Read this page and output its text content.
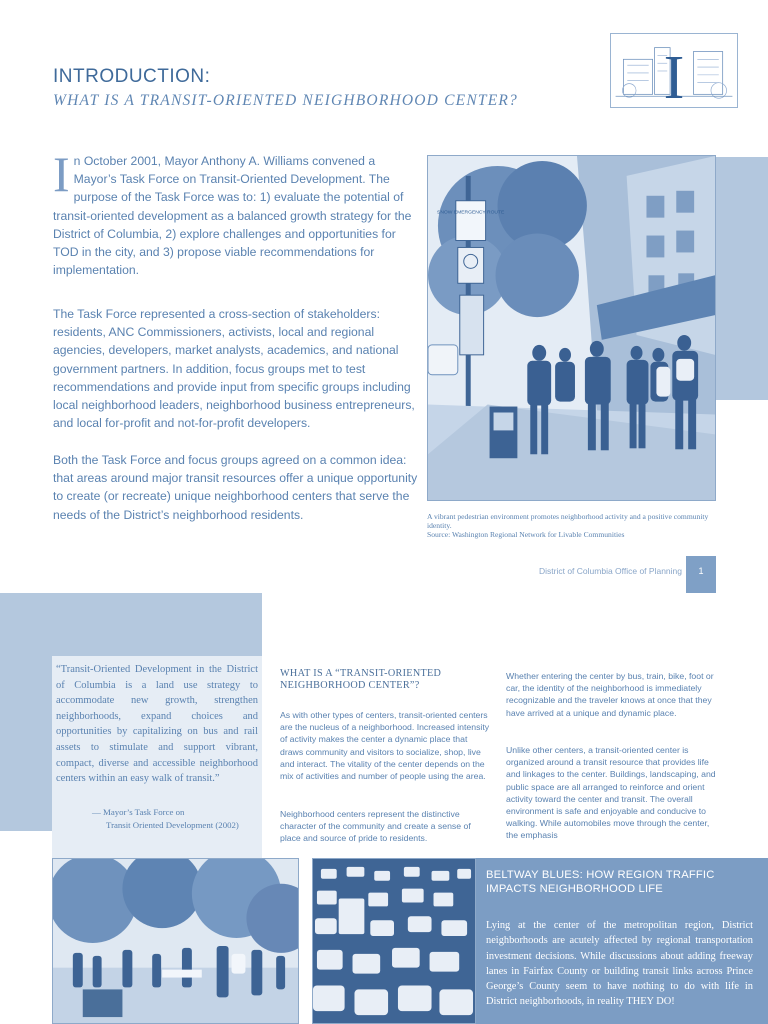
INTRODUCTION:
WHAT IS A TRANSIT-ORIENTED NEIGHBORHOOD CENTER? I
In October 2001, Mayor Anthony A. Williams convened a Mayor’s Task Force on Transit-Oriented Development. The purpose of the Task Force was to: 1) evaluate the potential of transit-oriented development as a balanced growth strategy for the District of Columbia, 2) explore challenges and opportunities for TOD in the city, and 3) propose viable recommendations for implementation.
The Task Force represented a cross-section of stakeholders: residents, ANC Commissioners, activists, local and regional agencies, developers, market analysts, academics, and national government partners. In addition, focus groups met to test recommendations and provide input from specific groups including local neighborhood leaders, neighborhood business entrepreneurs, and local for-profit and not-for-profit developers.
Both the Task Force and focus groups agreed on a common idea: that areas around major transit resources offer a unique opportunity to create (or recreate) unique neighborhood centers that serve the needs of the District’s neighborhood residents.
SNOW EMERGENCY ROUTE
A vibrant pedestrian environment promotes neighborhood activity and a positive community identity.
Source: Washington Regional Network for Livable Communities
District of Columbia Office of Planning	1
“Transit-Oriented Development in the District of Columbia is a land use strategy to accommodate new growth, strengthen neighborhoods, expand choices and opportunities by capitalizing on bus and rail assets to stimulate and support vibrant, compact, diverse and accessible neighborhood centers within an easy walk of transit.”
— Mayor’s Task Force on
Transit Oriented Development (2002)
WHAT IS A “TRANSIT-ORIENTED NEIGHBORHOOD CENTER”?
As with other types of centers, transit-oriented centers are the nucleus of a neighborhood. Increased intensity of activity makes the center a dynamic place that draws community and visitors to socialize, shop, live and interact. The vitality of the center depends on the mix of activities and number of people using the area.
Neighborhood centers represent the distinctive character of the community and create a sense of place and source of pride to residents.
Whether entering the center by bus, train, bike, foot or car, the identity of the neighborhood is immediately recognizable and the traveler knows at once that they have arrived at a unique and dynamic place.
Unlike other centers, a transit-oriented center is organized around a transit resource that provides life and linkages to the center. Buildings, landscaping, and public space are all arranged to reinforce and orient activity toward the center and transit. The overall environment is safe and enjoyable and conducive to walking. While automobiles move through the center, the emphasis
BELTWAY BLUES: HOW REGION TRAFFIC IMPACTS NEIGHBORHOOD LIFE
Lying at the center of the metropolitan region, District neighborhoods are acutely affected by regional transportation investment decisions. While discussions about adding freeway lanes in Fairfax County or building transit links across Prince George’s County seem to have nothing to do with life in District neighborhoods, in reality THEY DO!
